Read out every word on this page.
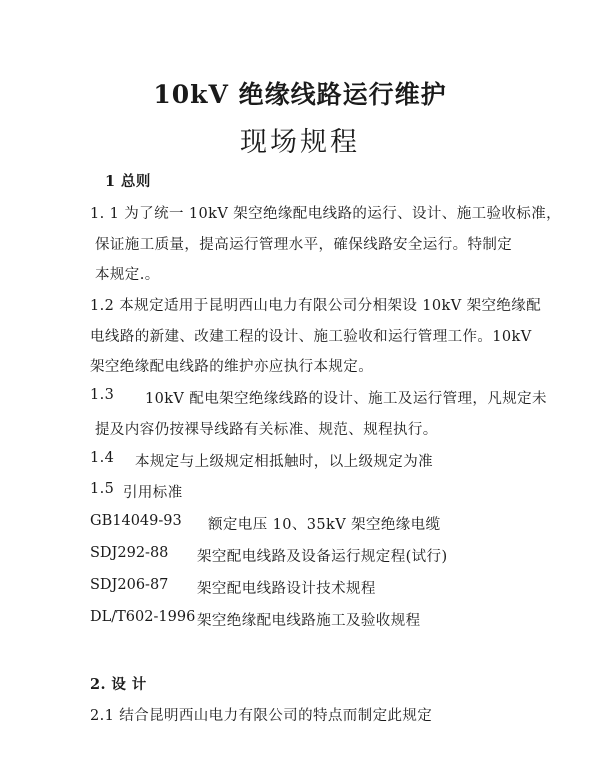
10kV 绝缘线路运行维护
现场规程
1 总则
1. 1 为了统一 10kV 架空绝缘配电线路的运行、设计、施工验收标准，
保证施工质量，提高运行管理水平，確保线路安全运行。特制定
本规定.。
1.2 本规定适用于昆明西山电力有限公司分相架设 10kV 架空绝缘配
电线路的新建、改建工程的设计、施工验收和运行管理工作。10kV
架空绝缘配电线路的维护亦应执行本规定。
1.3 10kV 配电架空绝缘线路的设计、施工及运行管理，凡规定未
提及内容仍按裸导线路有关标准、规范、规程执行。
1.4 本规定与上级规定相抵触时，以上级规定为准
1.5 引用标准
GB14049-93 额定电压 10、35kV 架空绝缘电缆
SDJ292-88 架空配电线路及设备运行规定程(试行)
SDJ206-87 架空配电线路设计技术规程
DL/T602-1996 架空绝缘配电线路施工及验收规程
2. 设 计
2.1 结合昆明西山电力有限公司的特点而制定此规定
